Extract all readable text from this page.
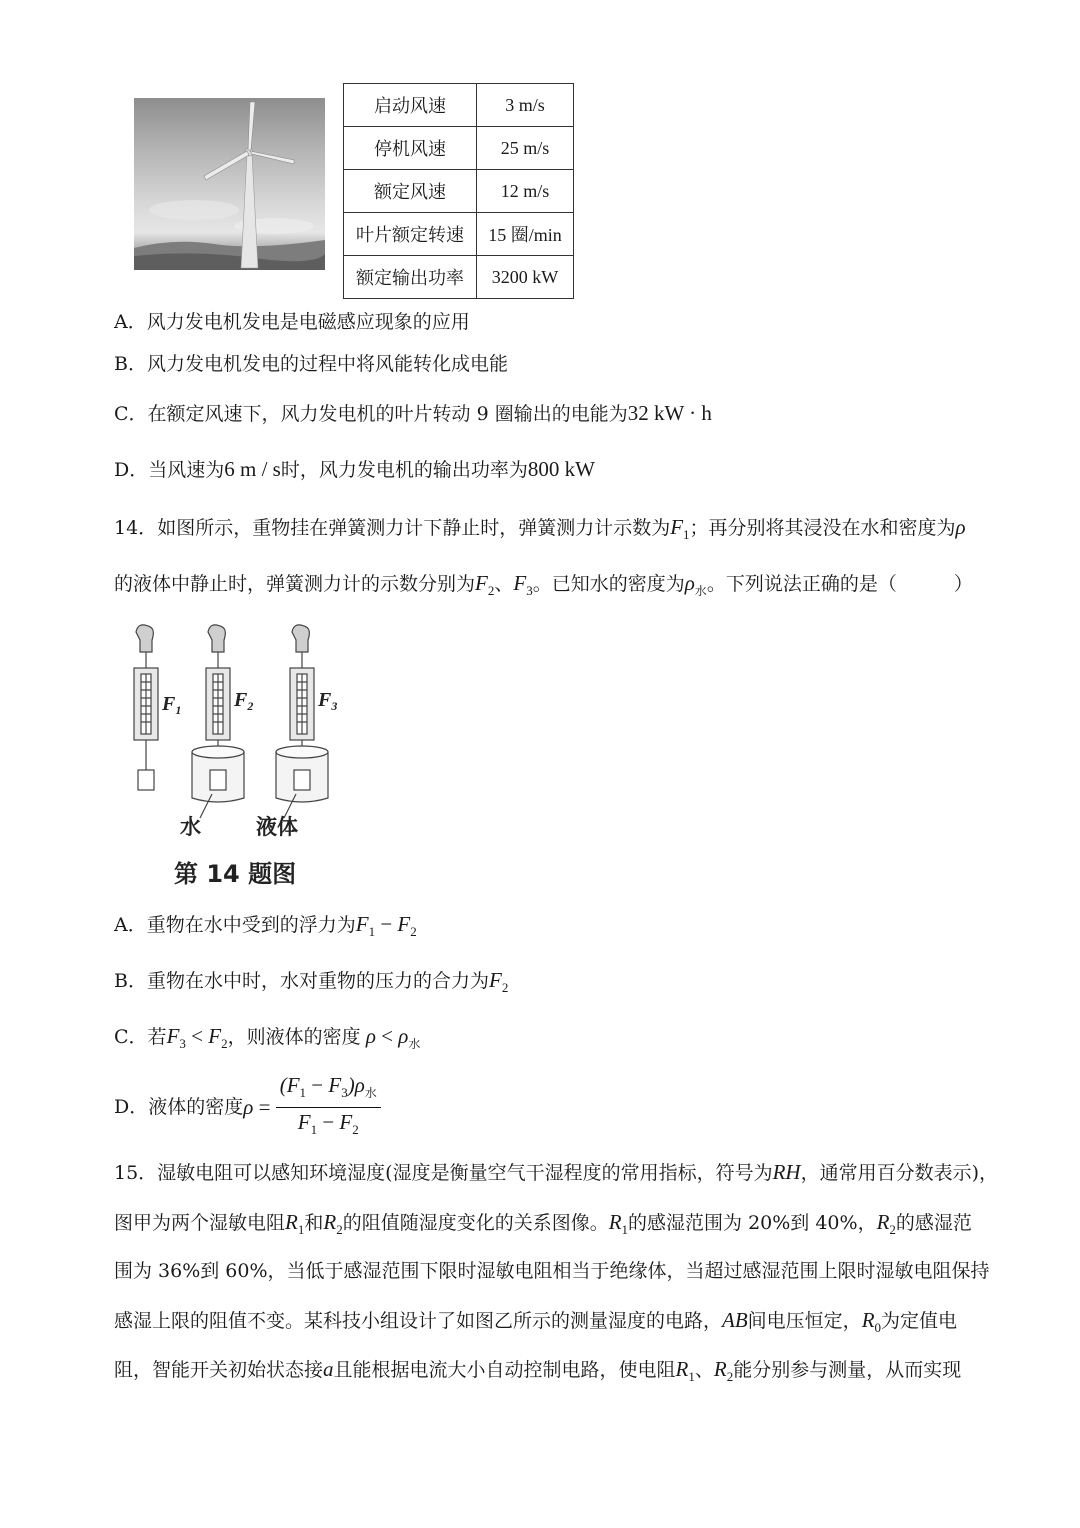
启动风速	3 m/s
停机风速	25 m/s
额定风速	12 m/s
叶片额定转速	15 圈/min
额定输出功率	3200 kW
A．风力发电机发电是电磁感应现象的应用
B．风力发电机发电的过程中将风能转化成电能
C．在额定风速下，风力发电机的叶片转动 9 圈输出的电能为32 kW · h
D．当风速为6 m / s时，风力发电机的输出功率为800 kW
14．如图所示，重物挂在弹簧测力计下静止时，弹簧测力计示数为$F_1$；再分别将其浸没在水和密度为ρ
的液体中静止时，弹簧测力计的示数分别为$F_2$、$F_3$。已知水的密度为$\rho_水$。下列说法正确的是（　　　）
$F_1$	$F_2$	$F_3$
水	液体
第 14 题图
A．重物在水中受到的浮力为$F_1 - F_2$
B．重物在水中时，水对重物的压力的合力为$F_2$
C．若$F_3 < F_2$，则液体的密度 $\rho < \rho_水$
D． 液体的密度 $\rho = \frac{(F_1 - F_3)\rho_水}{F_1 - F_2}$
15．湿敏电阻可以感知环境湿度(湿度是衡量空气干湿程度的常用指标，符号为RH，通常用百分数表示)，
图甲为两个湿敏电阻$R_1$和$R_2$的阻值随湿度变化的关系图像。$R_1$的感湿范围为 20%到 40%，$R_2$的感湿范
围为 36%到 60%，当低于感湿范围下限时湿敏电阻相当于绝缘体，当超过感湿范围上限时湿敏电阻保持
感湿上限的阻值不变。某科技小组设计了如图乙所示的测量湿度的电路，AB间电压恒定，$R_0$为定值电
阻，智能开关初始状态接a且能根据电流大小自动控制电路，使电阻$R_1$、$R_2$能分别参与测量，从而实现
